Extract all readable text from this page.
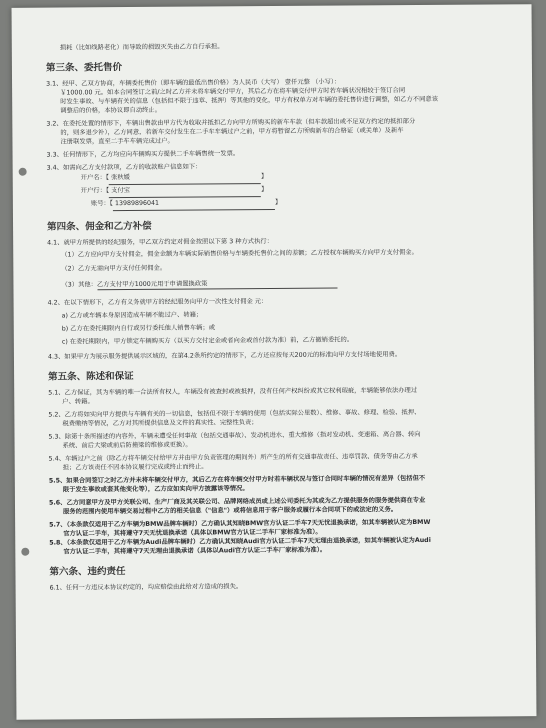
损耗（比如线路老化）而导致的损毁灭失由乙方自行承担。
第三条、委托售价
3.1、经甲、乙双方协商，车辆委托售价（即车辆的最低出售价格）为人民币（大写） 壹仟元整 （小写）：
￥1000.00 元。如本合同签订之前/之时乙方并未将车辆交付甲方，其后乙方在将车辆交付甲方时若车辆状况相较于签订合同
时发生事故、与车辆有关的信息（包括但不限于违章、抵押）等其他的变化，甲方有权单方对车辆的委托售价进行调整，如乙方不同意该
调整后的价格，本协议即自动终止。
3.2、在委托处置的情形下，车辆出售款由甲方代为收取并抵扣乙方向甲方所购买的新车车款（但车款超出或不足双方约定的抵扣部分
的，则多退少补），乙方同意，若新车交付发生在二手车车辆过户之前，甲方将暂留乙方所购新车的合格证（或关单）及新车
注册联发票，直至二手车车辆完成过户。
3.3、任何情形下，乙方均应向车辆购买方提供二手车辆售统一发票。
3.4、如需向乙方支付款项，乙方的收款账户信息如下：
开户名：【 张秋媛	】
开户行：【 支付宝	】
账号：【 13989896041	】
第四条、佣金和乙方补偿
4.1、就甲方所提供的经纪服务，甲乙双方约定对佣金按照以下第 3 种方式执行：
（1）乙方应向甲方支付佣金，佣金金额为车辆实际销售价格与车辆委托售价之间的差额；乙方授权车辆购买方向甲方支付佣金。
（2）乙方无需向甲方支付任何佣金。
（3）其他：乙方支付甲方1000元用于申请置换政策
4.2、在以下情形下，乙方有义务就甲方的经纪服务向甲方一次性支付佣金 元：
a) 乙方或车辆本身原因造成车辆不能过户、转籍；
b) 乙方在委托期限内自行或另行委托他人销售车辆；或
c) 在委托期限内，甲方锁定车辆购买方（以买方交付定金或者向金或首付款为准）前，乙方撤销委托的。
4.3、如果甲方为展示服务提供展示区域的，在第4.2条所约定的情形下，乙方还应按每天200元的标准向甲方支付场地使用费。
第五条、陈述和保证
5.1、乙方保证，其为车辆的唯一合法所有权人，车辆没有被查封或被抵押，没有任何产权纠纷或其它权利瑕疵，车辆能够依法办理过
户、转籍。
5.2、乙方将如实向甲方提供与车辆有关的一切信息，包括但不限于车辆的使用（包括实际公里数）、维修、事故、修理、检验、抵押、
税费缴纳等情况，乙方对其所提供信息及文件的真实性、完整性负责；
5.3、除第十条所描述的内容外，车辆未遭受任何事故（包括交通事故）、发动机进水、重大维修（指对发动机、变速箱、离合器、转向
系统、前后大梁或前后防撞梁的维修或更换）。
5.4、车辆过户之前（除乙方将车辆交付给甲方并由甲方负责管理的期间外）所产生的所有交通事故责任、违章罚款、债务等由乙方承
担；乙方该责任不因本协议履行完成或终止而终止。
5.5、如果合同签订之时乙方并未将车辆交付甲方，其后乙方在将车辆交付甲方时若车辆状况与签订合同时车辆的情况有差异（包括但不
限于发生事故或套其他变化等），乙方应如实向甲方披露该等情况。
5.6、乙方同意甲方及甲方关联公司、生产厂商及其关联公司、品牌网络成员或上述公司委托为其或为乙方提供服务的服务提供商在专业
服务的范围内使用车辆交易过程中乙方的相关信息（"信息"）或将信息用于客户服务或履行本合同项下的或法定的义务。
5.7、（本条款仅适用于乙方车辆为BMW品牌车辆时）乙方确认其知晓BMW官方认证二手车7天无忧退换承诺，如其车辆被认定为BMW
官方认证二手车，其将遵守7天无忧退换承诺（具体以BMW官方认证二手车厂家标准为准）。
5.8、（本条款仅适用于乙方车辆为Audi品牌车辆时）乙方确认其知晓Audi官方认证二手车7天无理由退换承诺，如其车辆被认定为Audi
官方认证二手车，其将遵守7天无理由退换承诺（具体以Audi官方认证二手车厂家标准为准）。
第六条、违约责任
6.1、任何一方违反本协议约定的，均应赔偿由此给对方造成的损失。
